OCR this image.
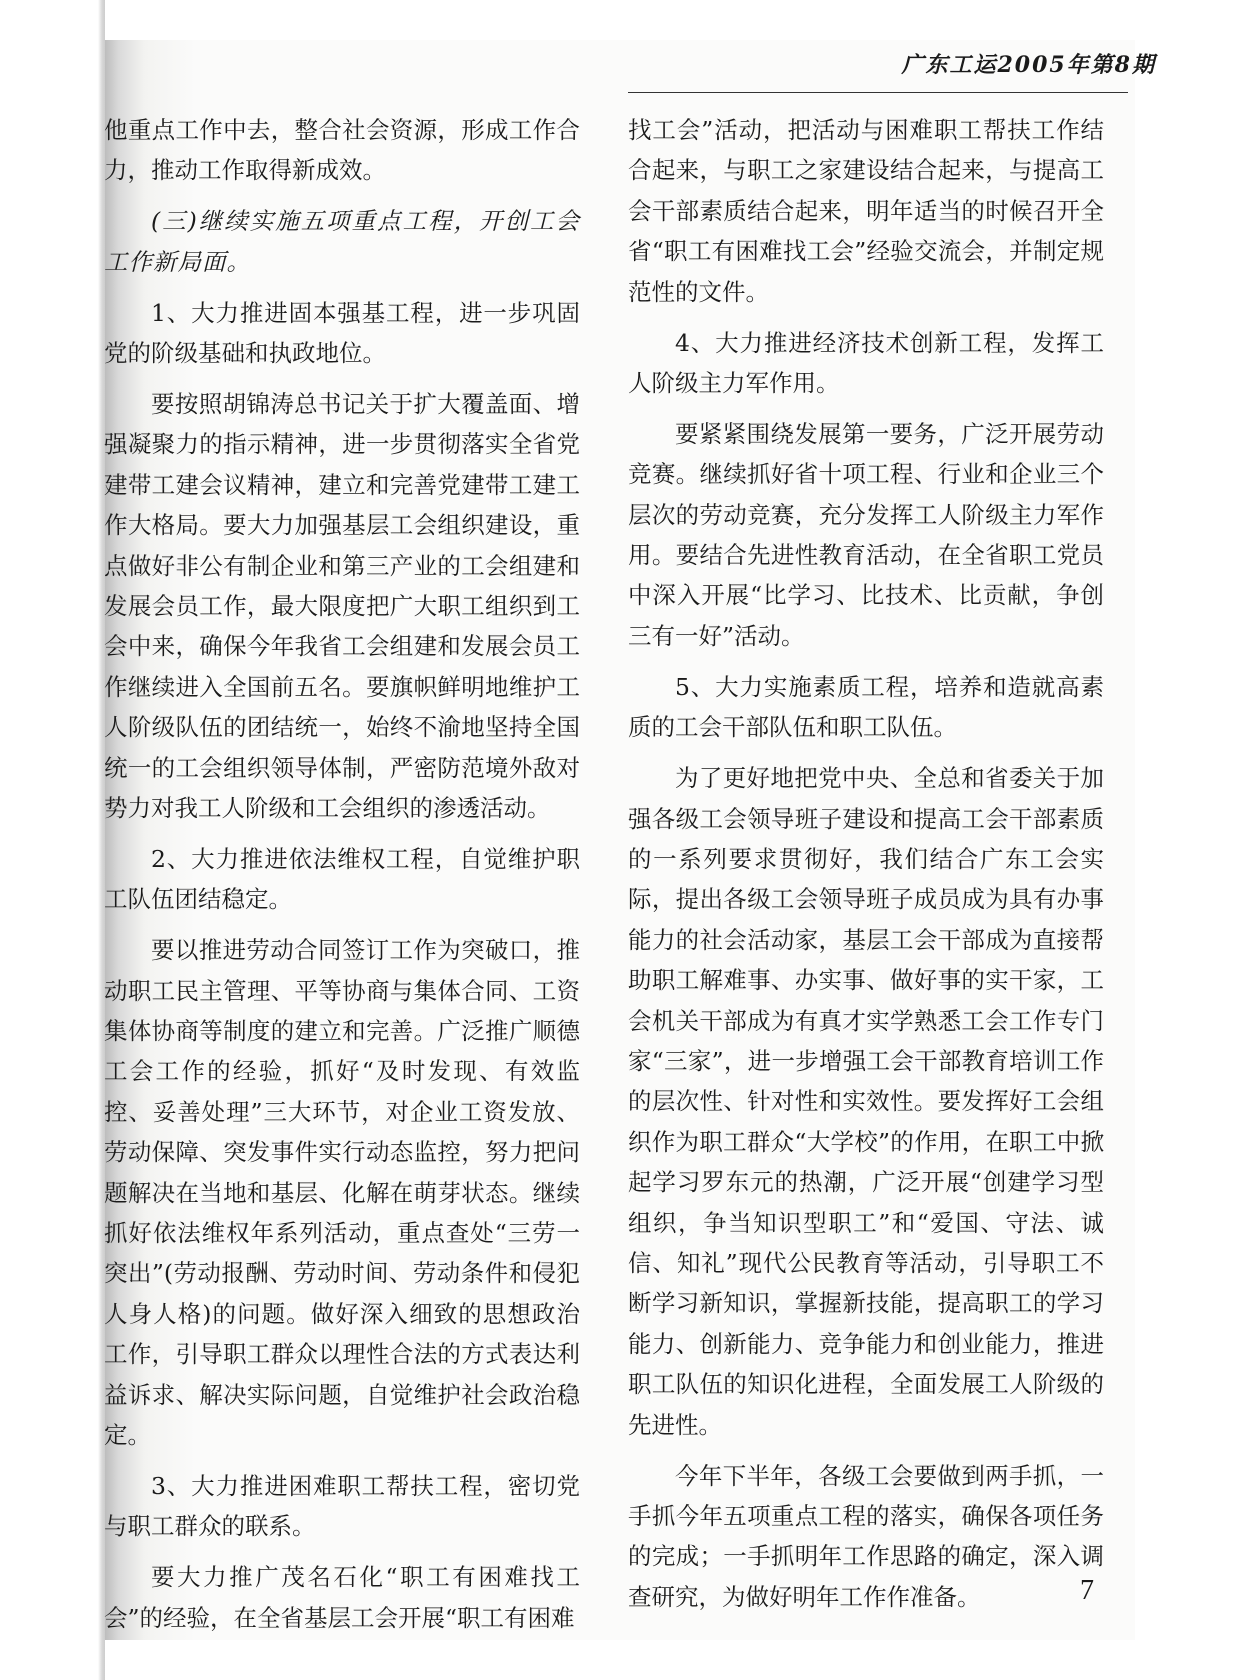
广东工运2005年第8期

他重点工作中去，整合社会资源，形成工作合力，推动工作取得新成效。

(三)继续实施五项重点工程，开创工会工作新局面。

1、大力推进固本强基工程，进一步巩固党的阶级基础和执政地位。

要按照胡锦涛总书记关于扩大覆盖面、增强凝聚力的指示精神，进一步贯彻落实全省党建带工建会议精神，建立和完善党建带工建工作大格局。要大力加强基层工会组织建设，重点做好非公有制企业和第三产业的工会组建和发展会员工作，最大限度把广大职工组织到工会中来，确保今年我省工会组建和发展会员工作继续进入全国前五名。要旗帜鲜明地维护工人阶级队伍的团结统一，始终不渝地坚持全国统一的工会组织领导体制，严密防范境外敌对势力对我工人阶级和工会组织的渗透活动。

2、大力推进依法维权工程，自觉维护职工队伍团结稳定。

要以推进劳动合同签订工作为突破口，推动职工民主管理、平等协商与集体合同、工资集体协商等制度的建立和完善。广泛推广顺德工会工作的经验，抓好“及时发现、有效监控、妥善处理”三大环节，对企业工资发放、劳动保障、突发事件实行动态监控，努力把问题解决在当地和基层、化解在萌芽状态。继续抓好依法维权年系列活动，重点查处“三劳一突出”(劳动报酬、劳动时间、劳动条件和侵犯人身人格)的问题。做好深入细致的思想政治工作，引导职工群众以理性合法的方式表达利益诉求、解决实际问题，自觉维护社会政治稳定。

3、大力推进困难职工帮扶工程，密切党与职工群众的联系。

要大力推广茂名石化“职工有困难找工会”的经验，在全省基层工会开展“职工有困难

找工会”活动，把活动与困难职工帮扶工作结合起来，与职工之家建设结合起来，与提高工会干部素质结合起来，明年适当的时候召开全省“职工有困难找工会”经验交流会，并制定规范性的文件。

4、大力推进经济技术创新工程，发挥工人阶级主力军作用。

要紧紧围绕发展第一要务，广泛开展劳动竞赛。继续抓好省十项工程、行业和企业三个层次的劳动竞赛，充分发挥工人阶级主力军作用。要结合先进性教育活动，在全省职工党员中深入开展“比学习、比技术、比贡献，争创三有一好”活动。

5、大力实施素质工程，培养和造就高素质的工会干部队伍和职工队伍。

为了更好地把党中央、全总和省委关于加强各级工会领导班子建设和提高工会干部素质的一系列要求贯彻好，我们结合广东工会实际，提出各级工会领导班子成员成为具有办事能力的社会活动家，基层工会干部成为直接帮助职工解难事、办实事、做好事的实干家，工会机关干部成为有真才实学熟悉工会工作专门家“三家”，进一步增强工会干部教育培训工作的层次性、针对性和实效性。要发挥好工会组织作为职工群众“大学校”的作用，在职工中掀起学习罗东元的热潮，广泛开展“创建学习型组织，争当知识型职工”和“爱国、守法、诚信、知礼”现代公民教育等活动，引导职工不断学习新知识，掌握新技能，提高职工的学习能力、创新能力、竞争能力和创业能力，推进职工队伍的知识化进程，全面发展工人阶级的先进性。

今年下半年，各级工会要做到两手抓，一手抓今年五项重点工程的落实，确保各项任务的完成；一手抓明年工作思路的确定，深入调查研究，为做好明年工作作准备。	7
